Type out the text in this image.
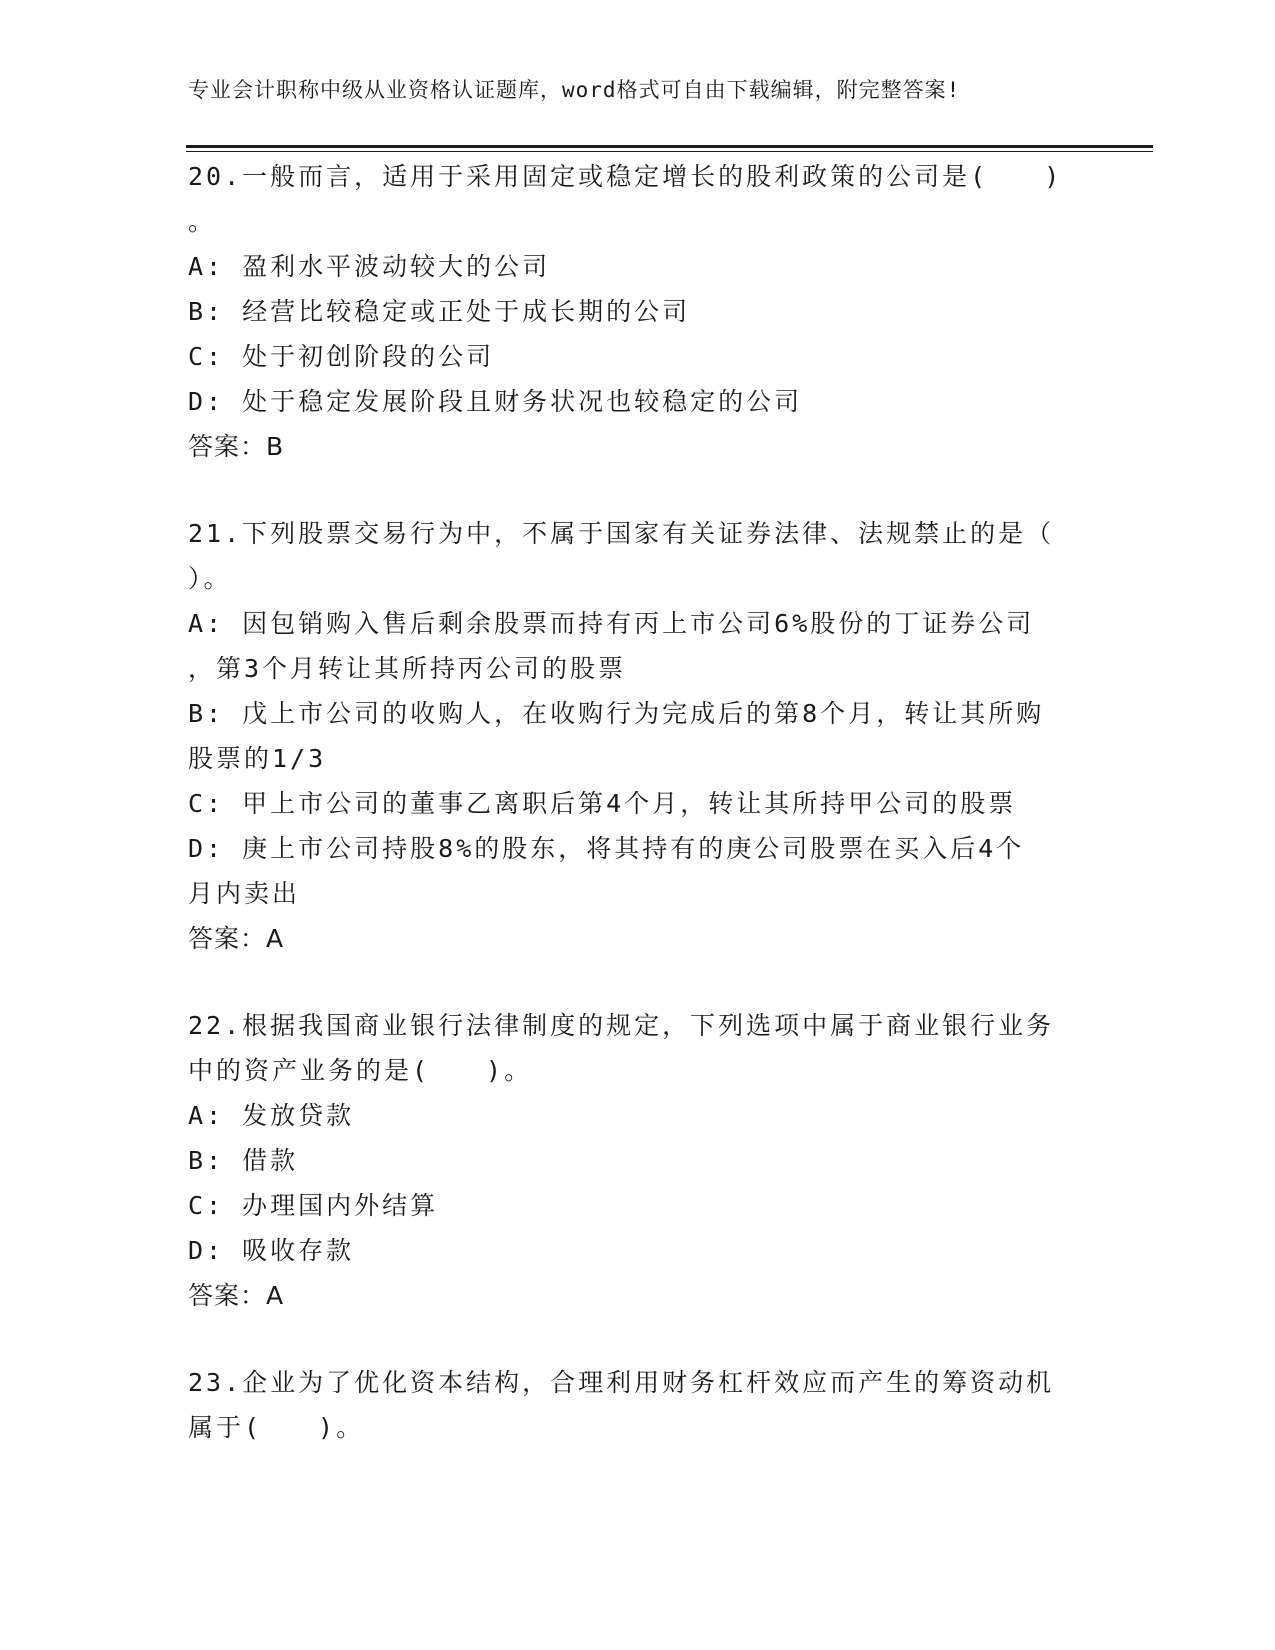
专业会计职称中级从业资格认证题库，word格式可自由下载编辑，附完整答案!
20.一般而言，适用于采用固定或稳定增长的股利政策的公司是(　　)
。
A: 盈利水平波动较大的公司
B: 经营比较稳定或正处于成长期的公司
C: 处于初创阶段的公司
D: 处于稳定发展阶段且财务状况也较稳定的公司
答案：B
21.下列股票交易行为中，不属于国家有关证券法律、法规禁止的是（
）。
A: 因包销购入售后剩余股票而持有丙上市公司6%股份的丁证券公司
，第3个月转让其所持丙公司的股票
B: 戊上市公司的收购人，在收购行为完成后的第8个月，转让其所购
股票的1/3
C: 甲上市公司的董事乙离职后第4个月，转让其所持甲公司的股票
D: 庚上市公司持股8%的股东，将其持有的庚公司股票在买入后4个
月内卖出
答案：A
22.根据我国商业银行法律制度的规定，下列选项中属于商业银行业务
中的资产业务的是(　　)。
A: 发放贷款
B: 借款
C: 办理国内外结算
D: 吸收存款
答案：A
23.企业为了优化资本结构，合理利用财务杠杆效应而产生的筹资动机
属于(　　)。
